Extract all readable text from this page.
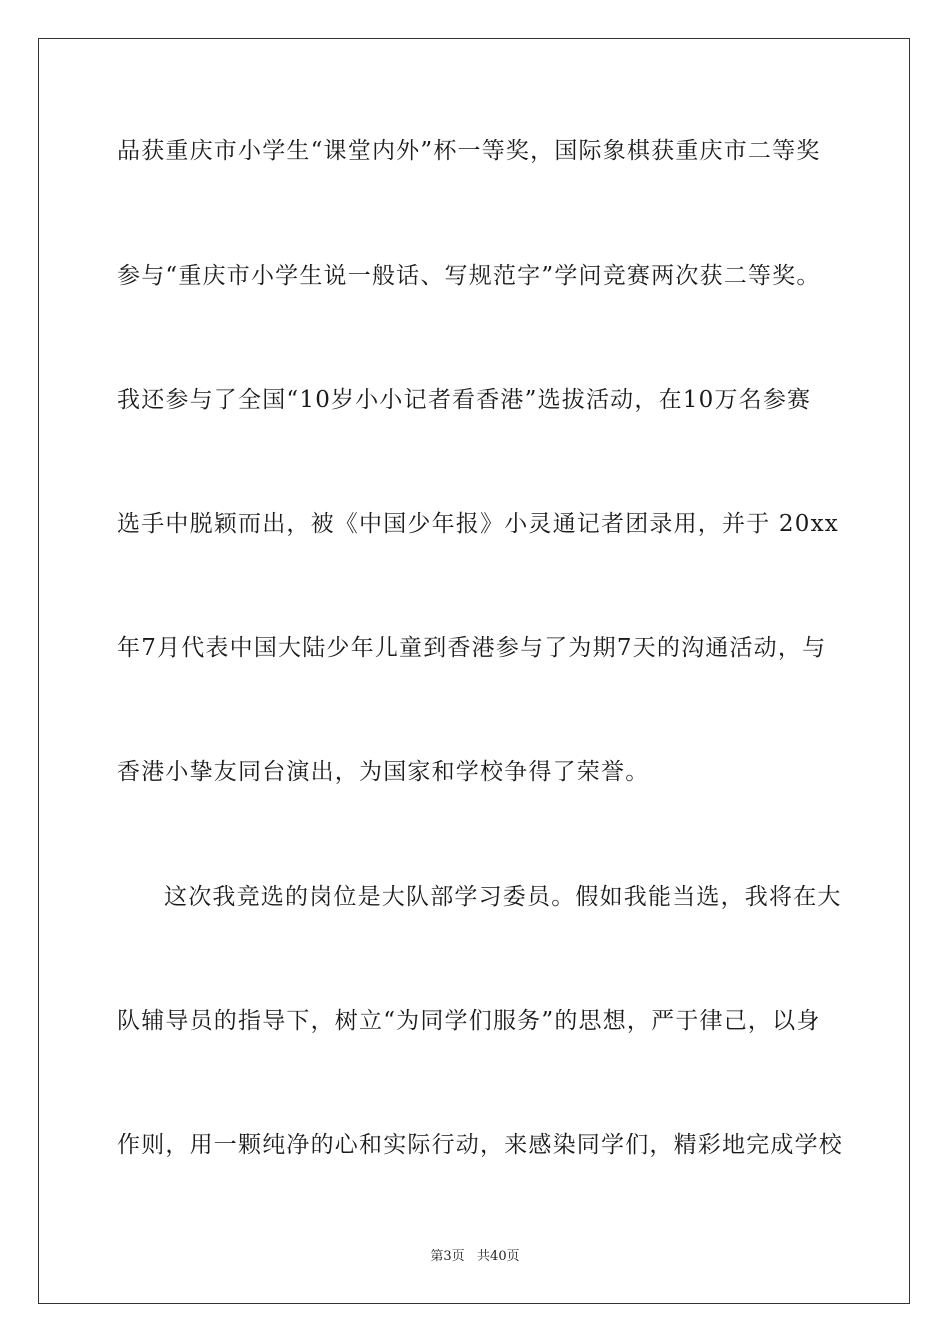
品获重庆市小学生“课堂内外”杯一等奖，国际象棋获重庆市二等奖
参与“重庆市小学生说一般话、写规范字”学问竞赛两次获二等奖。
我还参与了全国“10岁小小记者看香港”选拔活动，在10万名参赛
选手中脱颖而出，被《中国少年报》小灵通记者团录用，并于 20xx
年7月代表中国大陆少年儿童到香港参与了为期7天的沟通活动，与
香港小挚友同台演出，为国家和学校争得了荣誉。
这次我竞选的岗位是大队部学习委员。假如我能当选，我将在大
队辅导员的指导下，树立“为同学们服务”的思想，严于律己，以身
作则，用一颗纯净的心和实际行动，来感染同学们，精彩地完成学校
第3页   共40页
